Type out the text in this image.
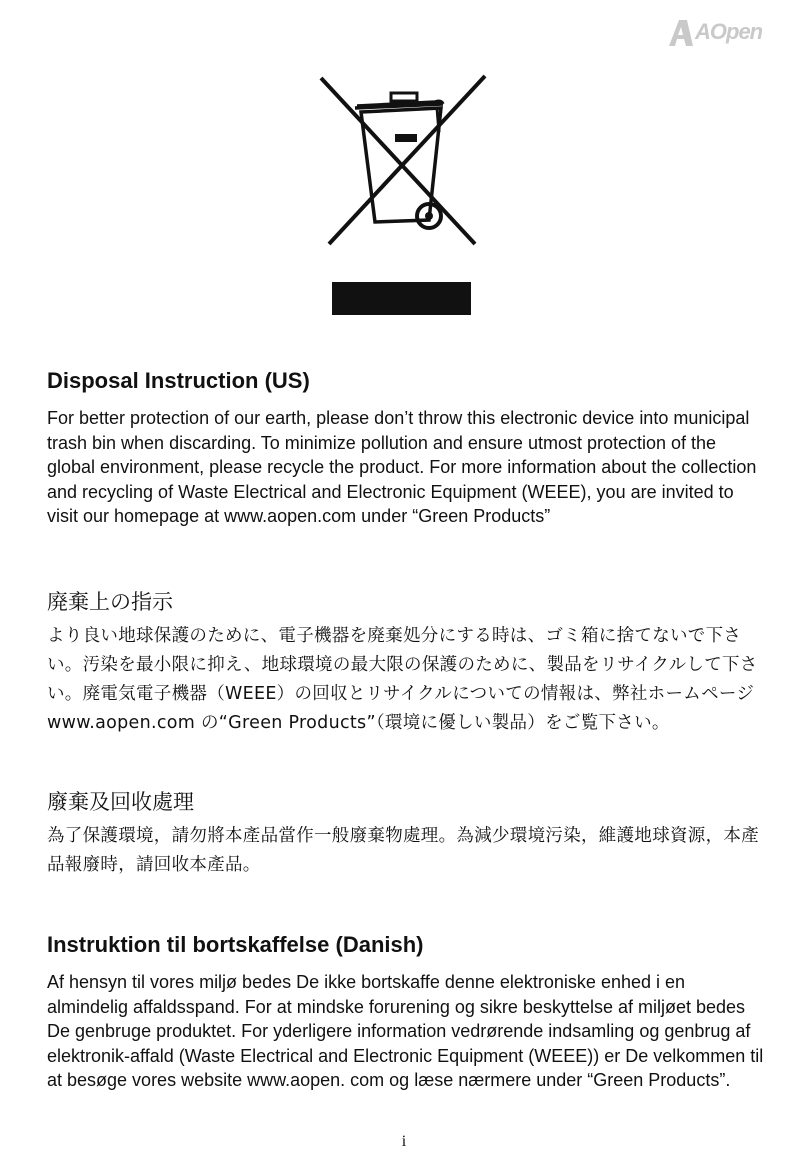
AOpen
Disposal Instruction (US)

For better protection of our earth, please don’t throw this electronic device into municipal trash bin when discarding. To minimize pollution and ensure utmost protection of the global environment, please recycle the product. For more information about the collection and recycling of Waste Electrical and Electronic Equipment (WEEE), you are invited to visit our homepage at www.aopen.com under “Green Products”

廃棄上の指示

より良い地球保護のために、電子機器を廃棄処分にする時は、ゴミ箱に捨てないで下さい。汚染を最小限に抑え、地球環境の最大限の保護のために、製品をリサイクルして下さい。廃電気電子機器（WEEE）の回収とリサイクルについての情報は、弊社ホームページwww.aopen.com の“Green Products”（環境に優しい製品）をご覧下さい。

廢棄及回收處理

為了保護環境，請勿將本產品當作一般廢棄物處理。為減少環境污染，維護地球資源，本產品報廢時，請回收本產品。

Instruktion til bortskaffelse (Danish)

Af hensyn til vores miljø bedes De ikke bortskaffe denne elektroniske enhed i en almindelig affaldsspand. For at mindske forurening og sikre beskyttelse af miljøet bedes De genbruge produktet. For yderligere information vedrørende indsamling og genbrug af elektronik-affald (Waste Electrical and Electronic Equipment (WEEE)) er De velkommen til at besøge vores website www.aopen. com og læse nærmere under “Green Products”.

i
